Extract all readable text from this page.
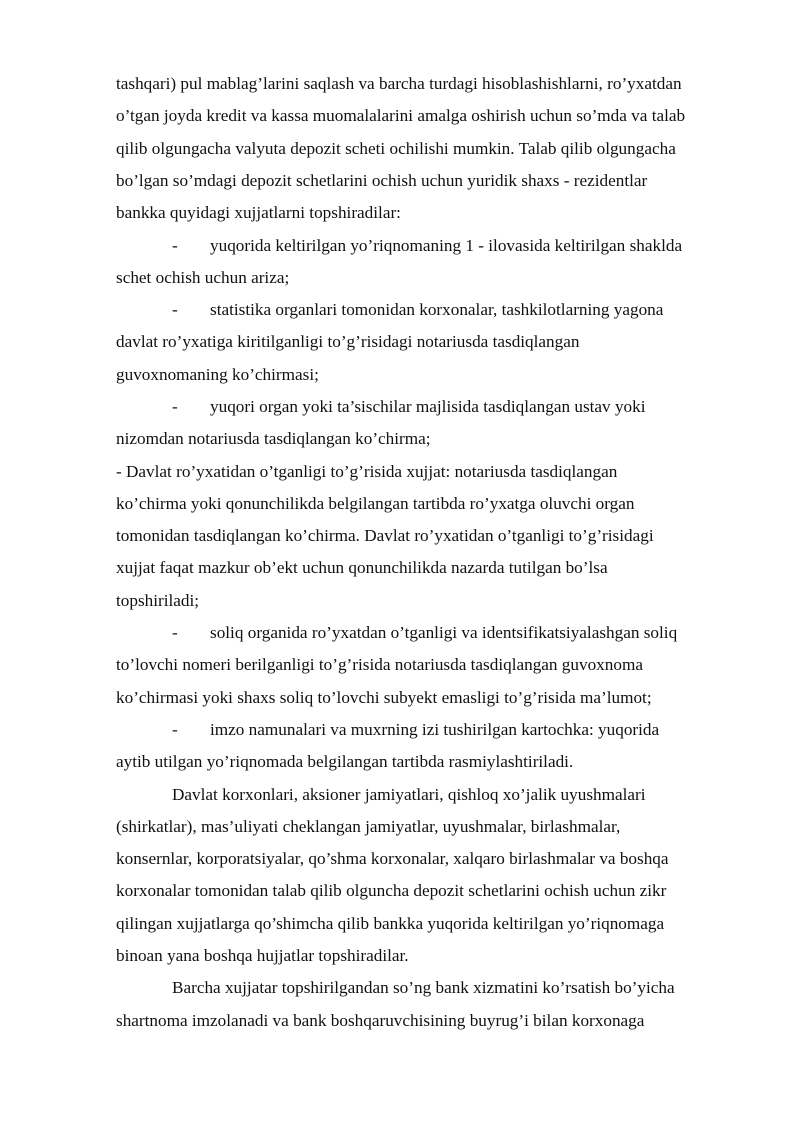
tashqari) pul mablag’larini saqlash va barcha turdagi hisoblashishlarni, ro’yxatdan
o’tgan joyda kredit va kassa muomalalarini amalga oshirish uchun so’mda va talab
qilib olgungacha valyuta depozit scheti ochilishi mumkin. Talab qilib olgungacha
bo’lgan so’mdagi depozit schetlarini ochish uchun yuridik shaxs - rezidentlar
bankka quyidagi xujjatlarni topshiradilar:
- yuqorida keltirilgan yo’riqnomaning 1 - ilovasida keltirilgan shaklda
schet ochish uchun ariza;
- statistika organlari tomonidan korxonalar, tashkilotlarning yagona
davlat ro’yxatiga kiritilganligi to’g’risidagi notariusda tasdiqlangan
guvoxnomaning ko’chirmasi;
- yuqori organ yoki ta’sischilar majlisida tasdiqlangan ustav yoki
nizomdan notariusda tasdiqlangan ko’chirma;
- Davlat ro’yxatidan o’tganligi to’g’risida xujjat: notariusda tasdiqlangan
ko’chirma yoki qonunchilikda belgilangan tartibda ro’yxatga oluvchi organ
tomonidan tasdiqlangan ko’chirma. Davlat ro’yxatidan o’tganligi to’g’risidagi
xujjat faqat mazkur ob’ekt uchun qonunchilikda nazarda tutilgan bo’lsa
topshiriladi;
- soliq organida ro’yxatdan o’tganligi va identsifikatsiyalashgan soliq
to’lovchi nomeri berilganligi to’g’risida notariusda tasdiqlangan guvoxnoma
ko’chirmasi yoki shaxs soliq to’lovchi subyekt emasligi to’g’risida ma’lumot;
- imzo namunalari va muxrning izi tushirilgan kartochka: yuqorida
aytib utilgan yo’riqnomada belgilangan tartibda rasmiylashtiriladi.
Davlat korxonlari, aksioner jamiyatlari, qishloq xo’jalik uyushmalari
(shirkatlar), mas’uliyati cheklangan jamiyatlar, uyushmalar, birlashmalar,
konsernlar, korporatsiyalar, qo’shma korxonalar, xalqaro birlashmalar va boshqa
korxonalar tomonidan talab qilib olguncha depozit schetlarini ochish uchun zikr
qilingan xujjatlarga qo’shimcha qilib bankka yuqorida keltirilgan yo’riqnomaga
binoan yana boshqa hujjatlar topshiradilar.
Barcha xujjatar topshirilgandan so’ng bank xizmatini ko’rsatish bo’yicha
shartnoma imzolanadi va bank boshqaruvchisining buyrug’i bilan korxonaga
